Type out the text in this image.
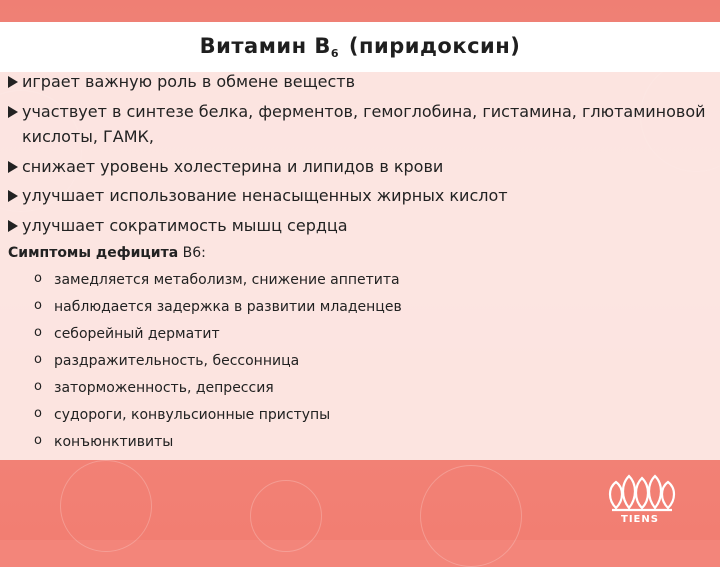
играет важную роль в обмене веществ
участвует в синтезе белка, ферментов, гемоглобина, гистамина, глютаминовой кислоты, ГАМК,
снижает уровень холестерина и липидов в крови
улучшает использование ненасыщенных жирных кислот
улучшает сократимость мышц сердца
Симптомы дефицита В6:
o замедляется метаболизм, снижение аппетита
o наблюдается задержка в развитии младенцев
o себорейный дерматит
o раздражительность, бессонница
o заторможенность, депрессия
o судороги, конвульсионные приступы
o конъюнктивиты
Витамин $В_6$ (пиридоксин)
TIENS
